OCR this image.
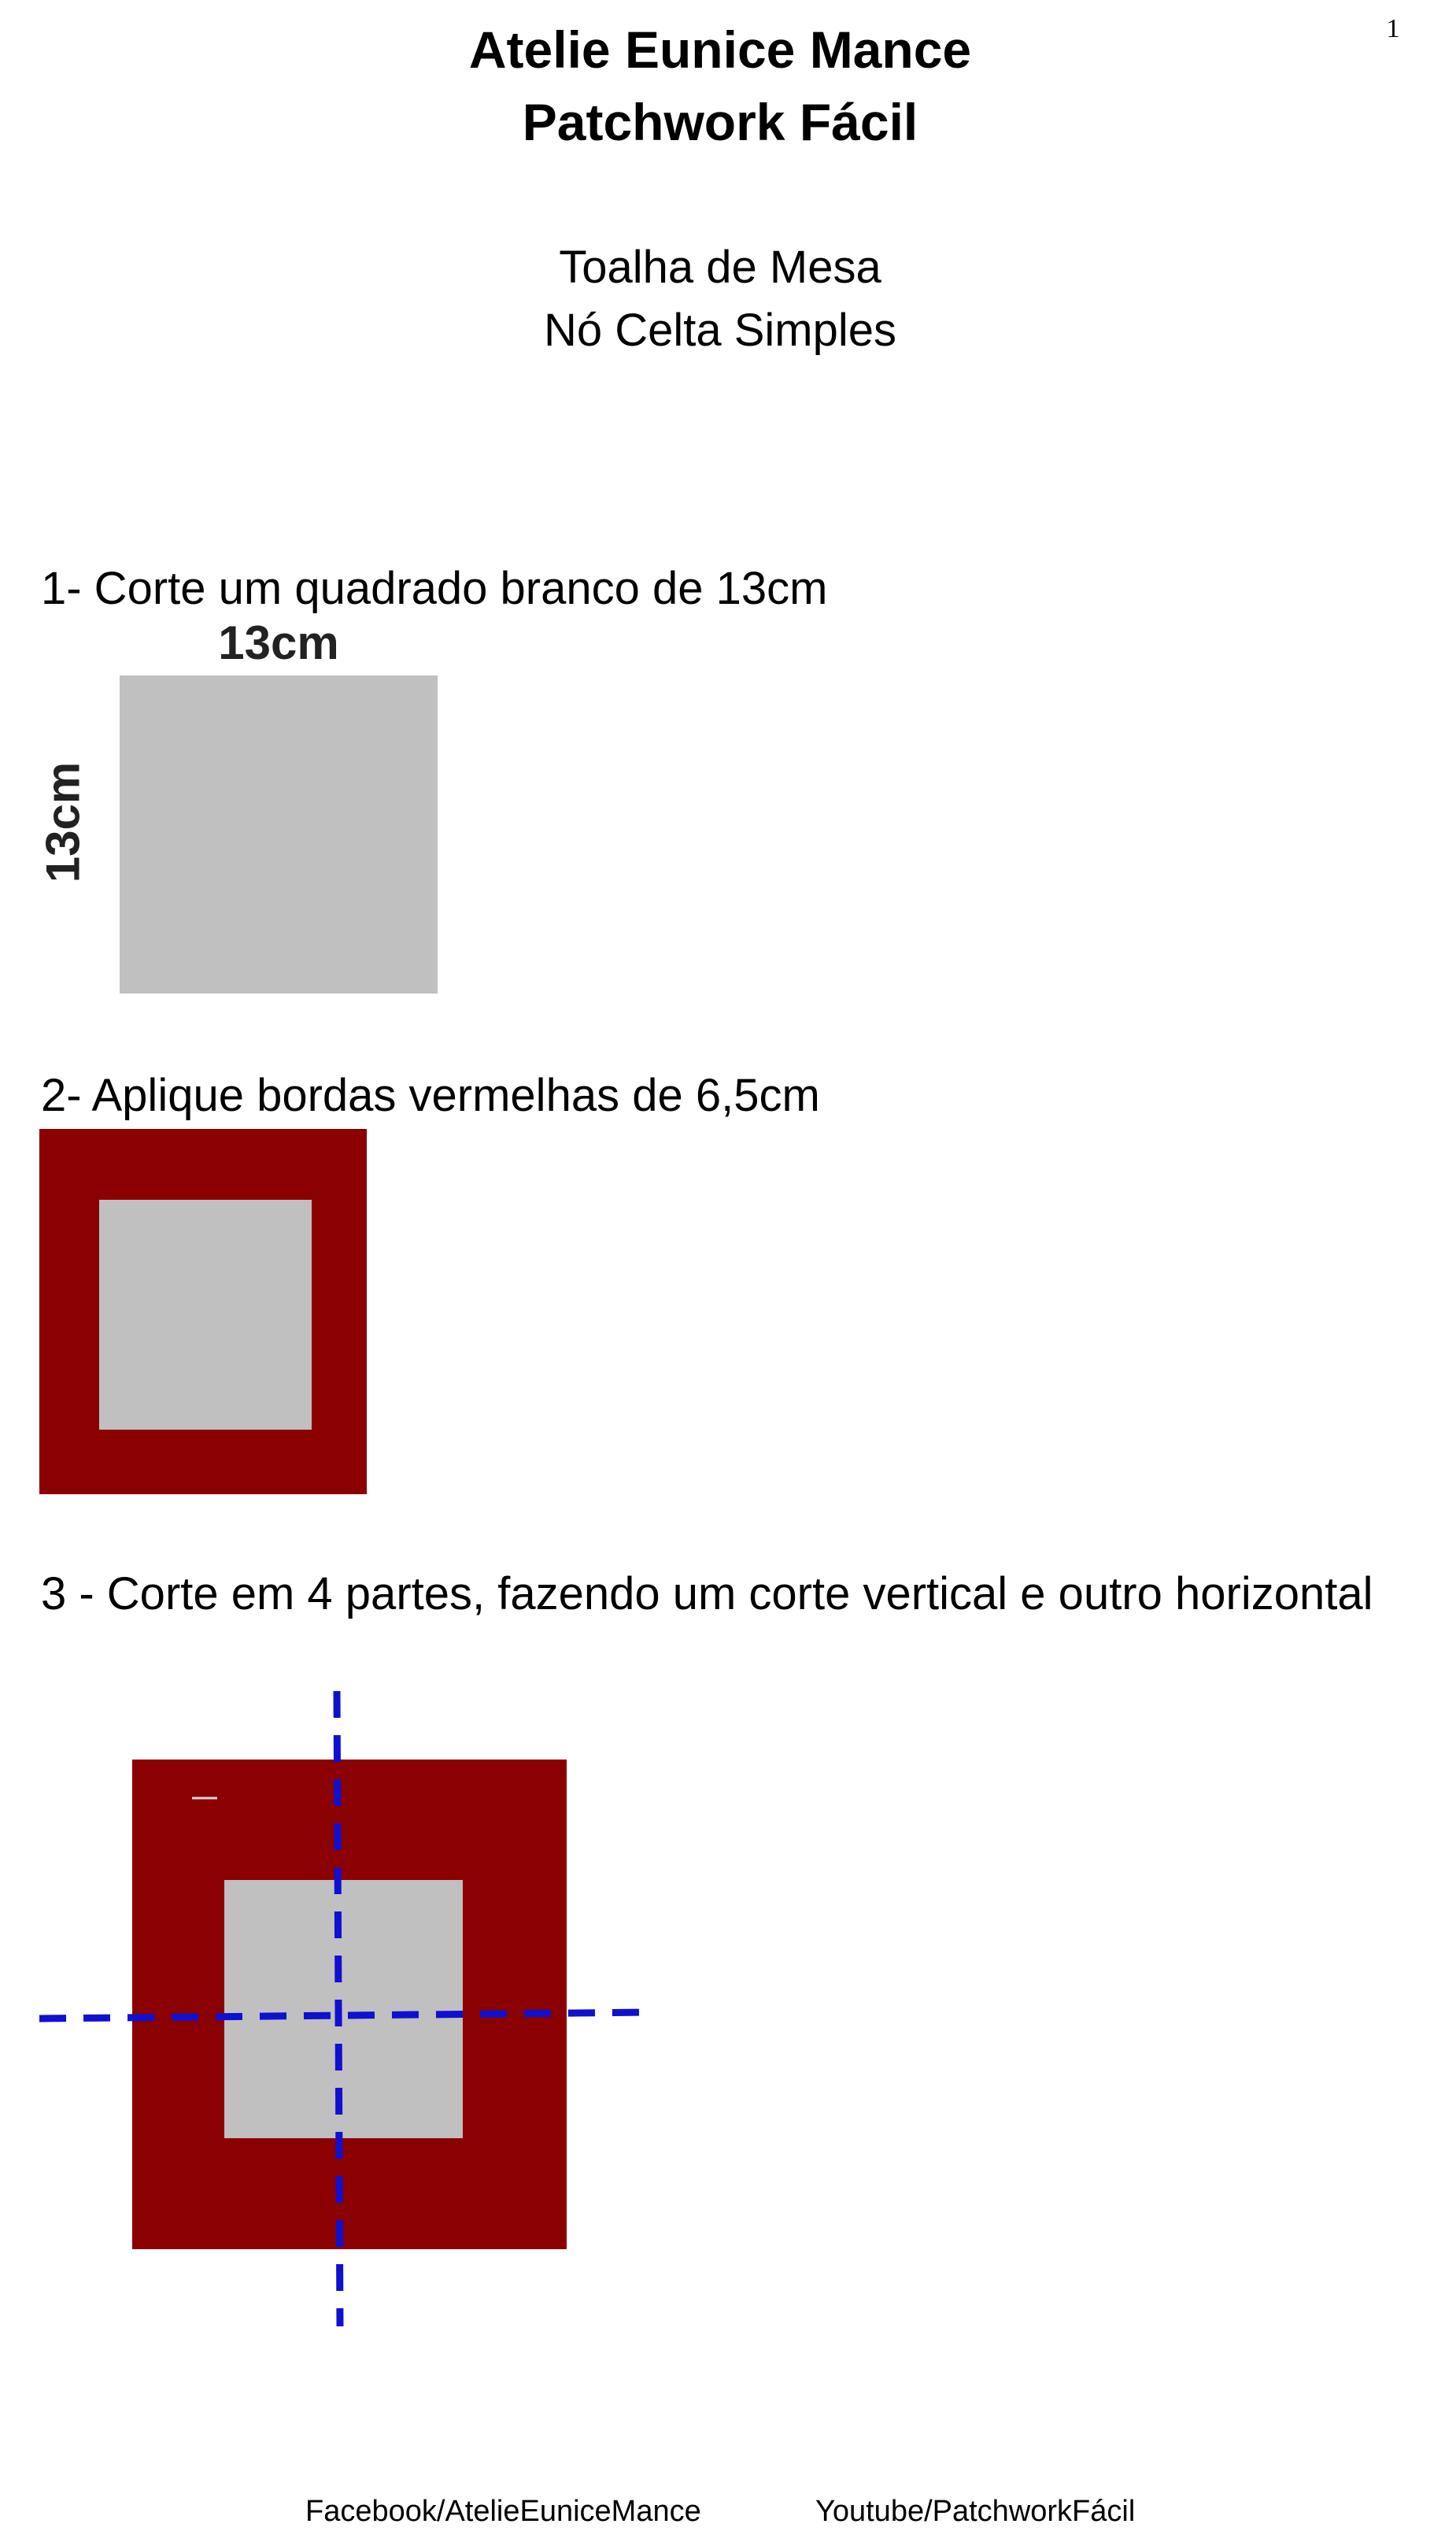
1
Atelie Eunice Mance
Patchwork Fácil
Toalha de Mesa
Nó Celta Simples
1- Corte um quadrado branco de 13cm
13cm
13cm
2- Aplique bordas vermelhas de 6,5cm
3 - Corte em 4 partes, fazendo um corte vertical e outro horizontal
Facebook/AtelieEuniceMance	Youtube/PatchworkFácil
